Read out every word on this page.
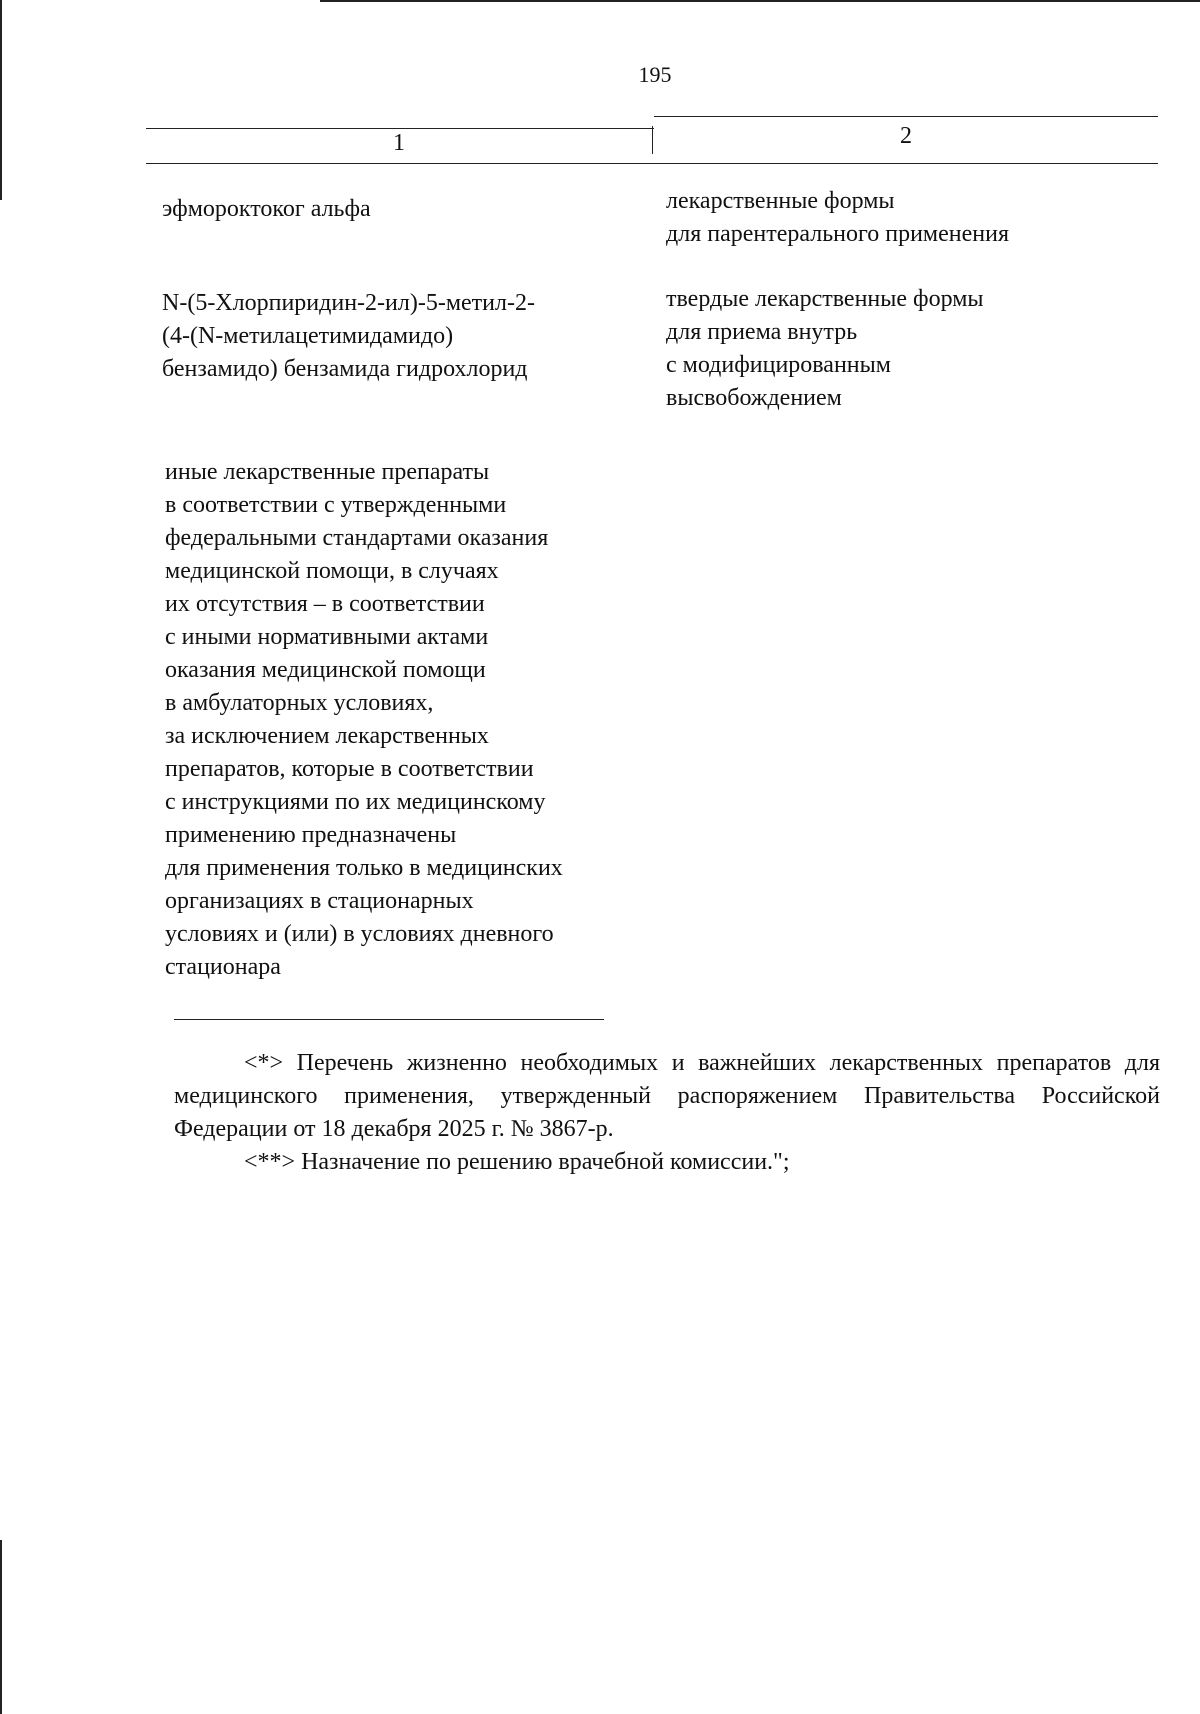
195
1	2
эфмороктоког альфа	лекарственные формы
для парентерального применения
N-(5-Хлорпиридин-2-ил)-5-метил-2-
(4-(N-метилацетимидамидо)
бензамидо) бензамида гидрохлорид
твердые лекарственные формы
для приема внутрь
с модифицированным
высвобождением
иные лекарственные препараты
в соответствии с утвержденными
федеральными стандартами оказания
медицинской помощи, в случаях
их отсутствия – в соответствии
с иными нормативными актами
оказания медицинской помощи
в амбулаторных условиях,
за исключением лекарственных
препаратов, которые в соответствии
с инструкциями по их медицинскому
применению предназначены
для применения только в медицинских
организациях в стационарных
условиях и (или) в условиях дневного
стационара
<*> Перечень жизненно необходимых и важнейших лекарственных препаратов для медицинского применения, утвержденный распоряжением Правительства Российской Федерации от 18 декабря 2025 г. № 3867-р.
<**> Назначение по решению врачебной комиссии.";
